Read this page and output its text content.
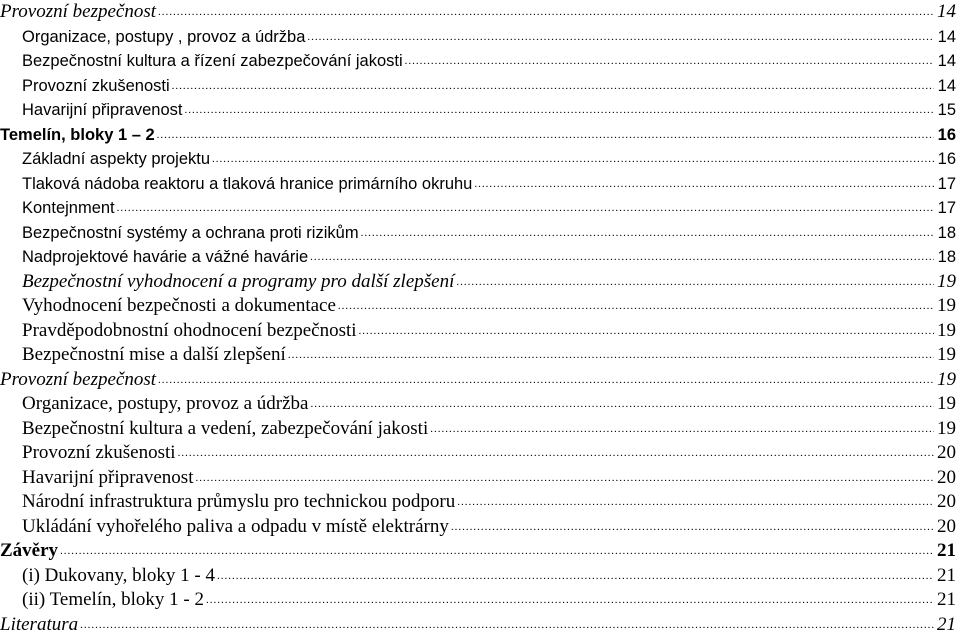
Provozní bezpečnost .....	14
Organizace, postupy , provoz a údržba .....	14
Bezpečnostní kultura a řízení zabezpečování jakosti .....	14
Provozní zkušenosti .....	14
Havarijní připravenost .....	15
Temelín, bloky 1 – 2 .....	16
Základní aspekty projektu .....	16
Tlaková nádoba reaktoru a tlaková hranice primárního okruhu .....	17
Kontejnment .....	17
Bezpečnostní systémy a ochrana proti rizikům .....	18
Nadprojektové havárie a vážné havárie .....	18
Bezpečnostní vyhodnocení a programy pro další zlepšení .....	19
Vyhodnocení bezpečnosti a dokumentace .....	19
Pravděpodobnostní ohodnocení bezpečnosti .....	19
Bezpečnostní mise a další zlepšení .....	19
Provozní bezpečnost .....	19
Organizace, postupy, provoz a údržba .....	19
Bezpečnostní kultura a vedení, zabezpečování jakosti .....	19
Provozní zkušenosti .....	20
Havarijní připravenost .....	20
Národní infrastruktura průmyslu pro technickou podporu .....	20
Ukládání vyhořelého paliva a odpadu v místě elektrárny .....	20
Závěry .....	21
(i) Dukovany, bloky 1 - 4 .....	21
(ii) Temelín, bloky 1 - 2 .....	21
Literatura .....	21
